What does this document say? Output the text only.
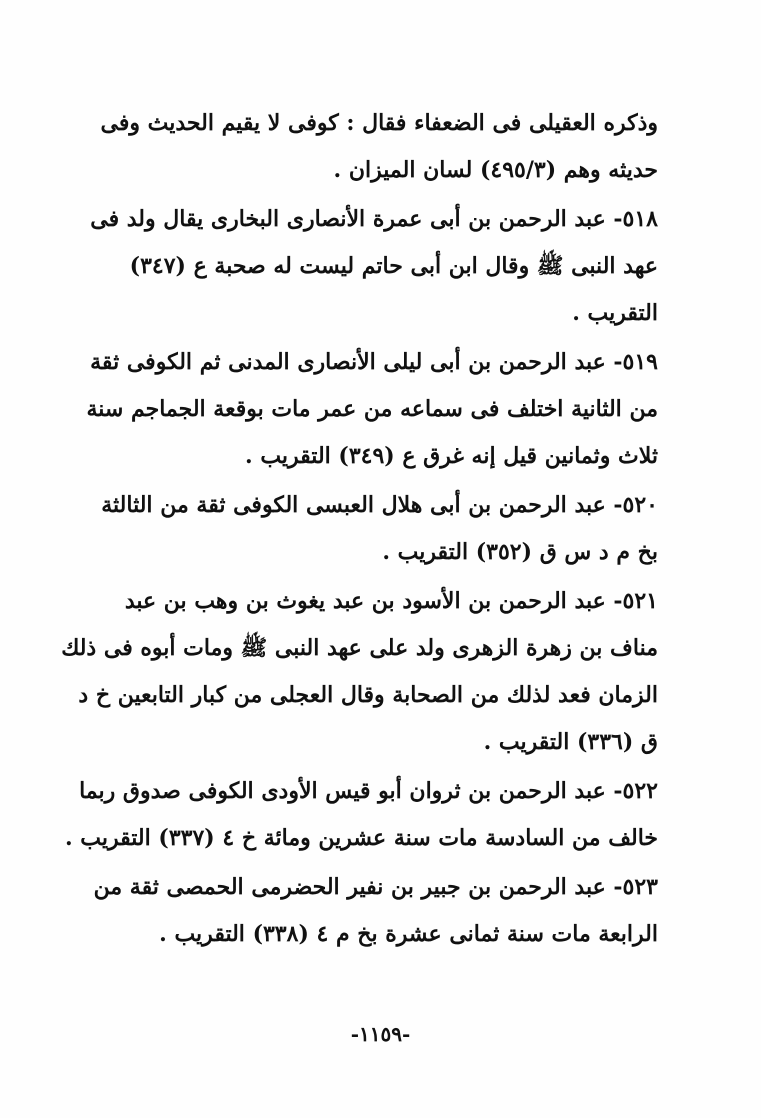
وذكره العقيلى فى الضعفاء فقال : كوفى لا يقيم الحديث وفى
حديثه وهم (٤٩٥/٣) لسان الميزان .
٥١٨- عبد الرحمن بن أبى عمرة الأنصارى البخارى يقال ولد فى
عهد النبى ﷺ وقال ابن أبى حاتم ليست له صحبة ع (٣٤٧)
التقريب .
٥١٩- عبد الرحمن بن أبى ليلى الأنصارى المدنى ثم الكوفى ثقة
من الثانية اختلف فى سماعه من عمر مات بوقعة الجماجم سنة
ثلاث وثمانين قيل إنه غرق ع (٣٤٩) التقريب .
٥٢٠- عبد الرحمن بن أبى هلال العبسى الكوفى ثقة من الثالثة
بخ م د س ق (٣٥٢) التقريب .
٥٢١- عبد الرحمن بن الأسود بن عبد يغوث بن وهب بن عبد
مناف بن زهرة الزهرى ولد على عهد النبى ﷺ ومات أبوه فى ذلك
الزمان فعد لذلك من الصحابة وقال العجلى من كبار التابعين خ د
ق (٣٣٦) التقريب .
٥٢٢- عبد الرحمن بن ثروان أبو قيس الأودى الكوفى صدوق ربما
خالف من السادسة مات سنة عشرين ومائة خ ٤ (٣٣٧) التقريب .
٥٢٣- عبد الرحمن بن جبير بن نفير الحضرمى الحمصى ثقة من
الرابعة مات سنة ثمانى عشرة بخ م ٤ (٣٣٨) التقريب .
-١١٥٩-
